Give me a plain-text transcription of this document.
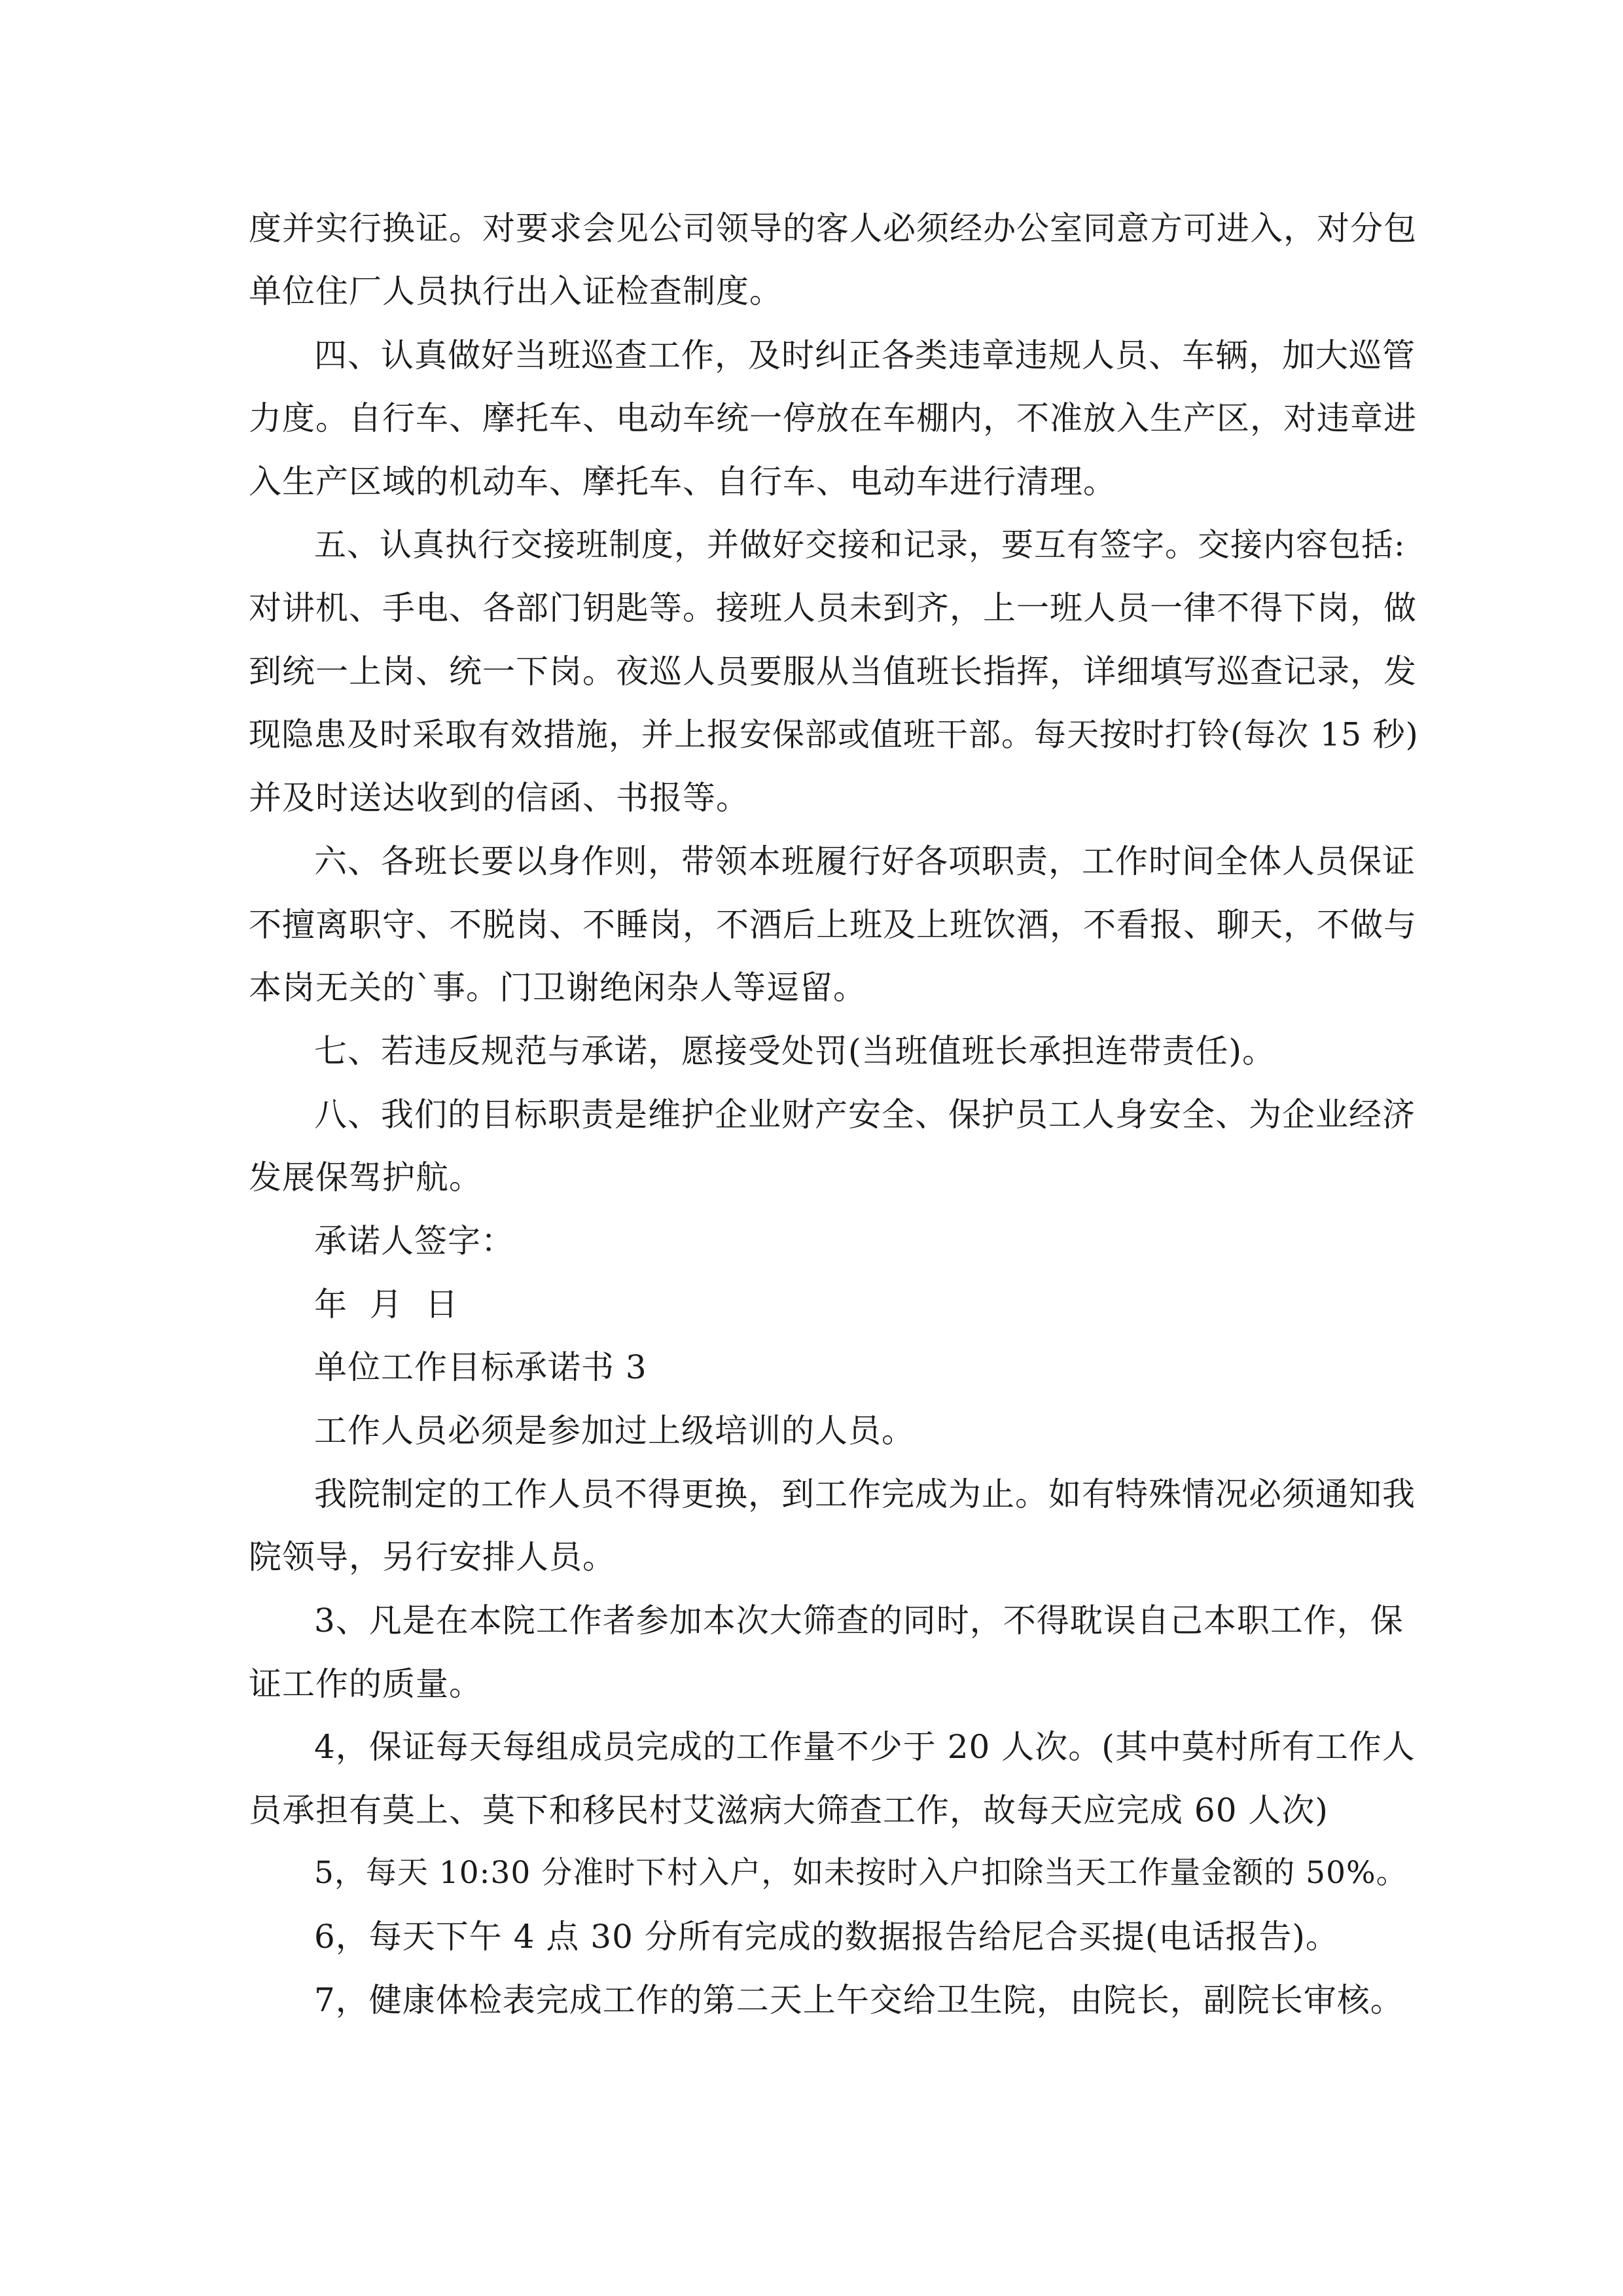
度并实行换证。对要求会见公司领导的客人必须经办公室同意方可进入，对分包

单位住厂人员执行出入证检查制度。

四、认真做好当班巡查工作，及时纠正各类违章违规人员、车辆，加大巡管

力度。自行车、摩托车、电动车统一停放在车棚内，不准放入生产区，对违章进

入生产区域的机动车、摩托车、自行车、电动车进行清理。

五、认真执行交接班制度，并做好交接和记录，要互有签字。交接内容包括:

对讲机、手电、各部门钥匙等。接班人员未到齐，上一班人员一律不得下岗，做

到统一上岗、统一下岗。夜巡人员要服从当值班长指挥，详细填写巡查记录，发

现隐患及时采取有效措施，并上报安保部或值班干部。每天按时打铃(每次 15 秒)

并及时送达收到的信函、书报等。

六、各班长要以身作则，带领本班履行好各项职责，工作时间全体人员保证

不擅离职守、不脱岗、不睡岗，不酒后上班及上班饮酒，不看报、聊天，不做与

本岗无关的`事。门卫谢绝闲杂人等逗留。

七、若违反规范与承诺，愿接受处罚(当班值班长承担连带责任)。

八、我们的目标职责是维护企业财产安全、保护员工人身安全、为企业经济

发展保驾护航。

承诺人签字：

年  月  日

单位工作目标承诺书 3

工作人员必须是参加过上级培训的人员。

我院制定的工作人员不得更换，到工作完成为止。如有特殊情况必须通知我

院领导，另行安排人员。

3、凡是在本院工作者参加本次大筛查的同时，不得耽误自己本职工作，保

证工作的质量。

4，保证每天每组成员完成的工作量不少于 20 人次。(其中莫村所有工作人

员承担有莫上、莫下和移民村艾滋病大筛查工作，故每天应完成 60 人次)

5，每天 10:30 分准时下村入户，如未按时入户扣除当天工作量金额的 50%。

6，每天下午 4 点 30 分所有完成的数据报告给尼合买提(电话报告)。

7，健康体检表完成工作的第二天上午交给卫生院，由院长，副院长审核。
